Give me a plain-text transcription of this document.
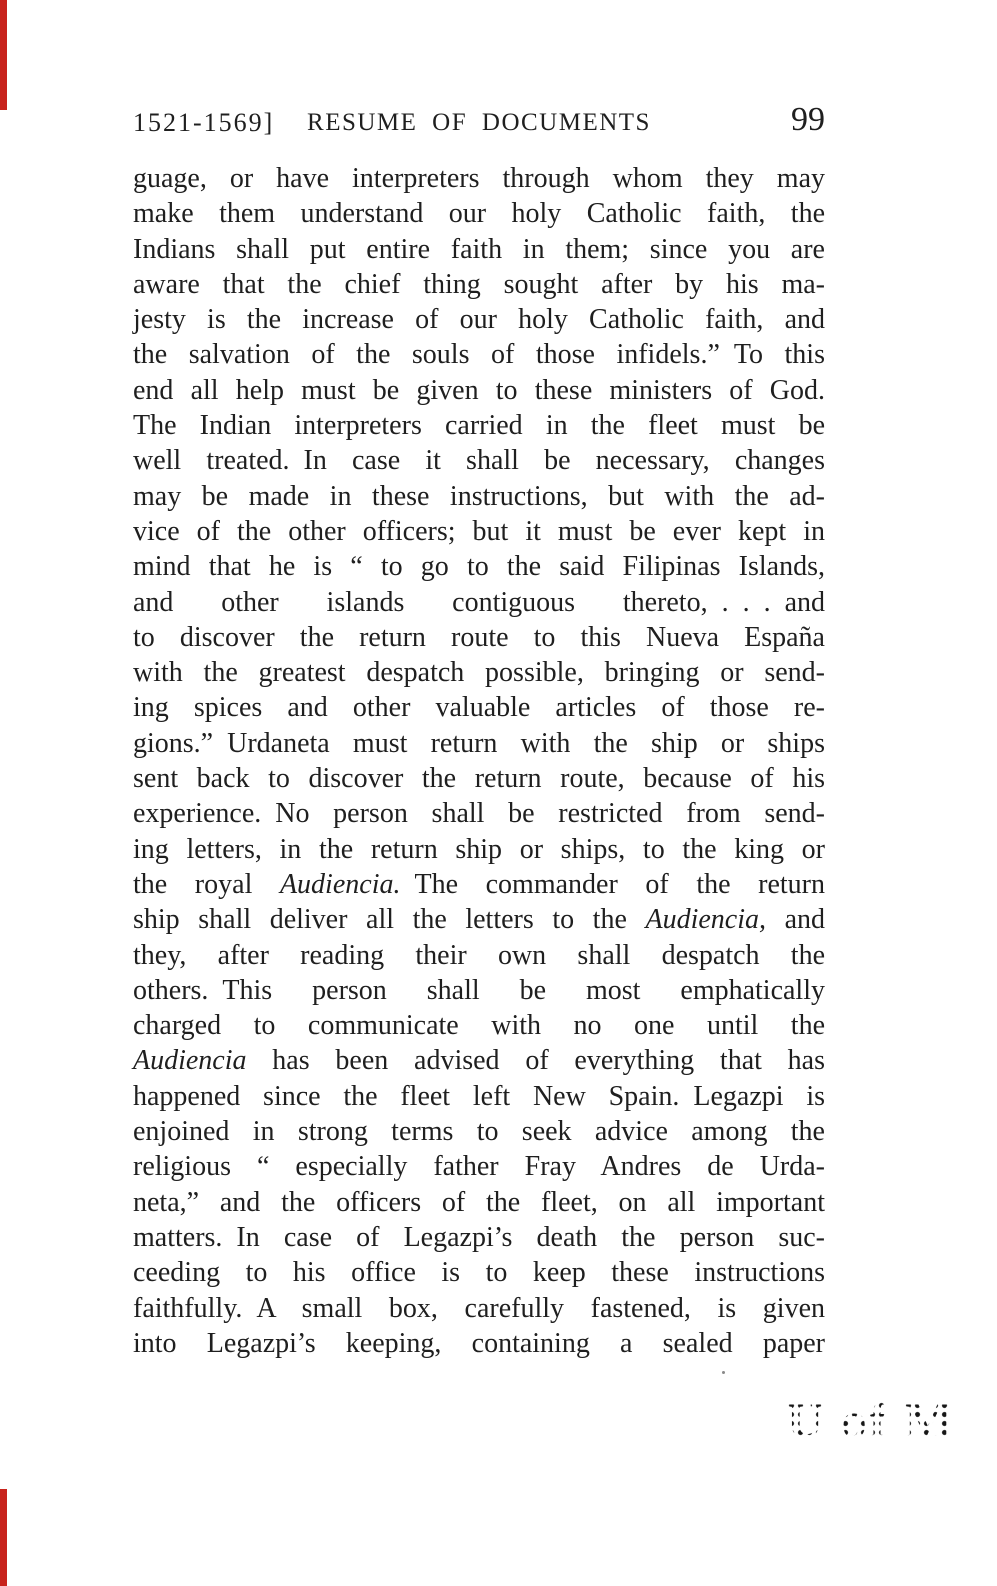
1521-1569]	RESUME OF DOCUMENTS	99
guage, or have interpreters through whom they may
make them understand our holy Catholic faith, the
Indians shall put entire faith in them; since you are
aware that the chief thing sought after by his ma-
jesty is the increase of our holy Catholic faith, and
the salvation of the souls of those infidels.” To this
end all help must be given to these ministers of God.
The Indian interpreters carried in the fleet must be
well treated. In case it shall be necessary, changes
may be made in these instructions, but with the ad-
vice of the other officers; but it must be ever kept in
mind that he is “ to go to the said Filipinas Islands,
and other islands contiguous thereto, . . . and
to discover the return route to this Nueva España
with the greatest despatch possible, bringing or send-
ing spices and other valuable articles of those re-
gions.” Urdaneta must return with the ship or ships
sent back to discover the return route, because of his
experience. No person shall be restricted from send-
ing letters, in the return ship or ships, to the king or
the royal Audiencia. The commander of the return
ship shall deliver all the letters to the Audiencia, and
they, after reading their own shall despatch the
others. This person shall be most emphatically
charged to communicate with no one until the
Audiencia has been advised of everything that has
happened since the fleet left New Spain. Legazpi is
enjoined in strong terms to seek advice among the
religious “ especially father Fray Andres de Urda-
neta,” and the officers of the fleet, on all important
matters. In case of Legazpi’s death the person suc-
ceeding to his office is to keep these instructions
faithfully. A small box, carefully fastened, is given
into Legazpi’s keeping, containing a sealed paper
U of M
